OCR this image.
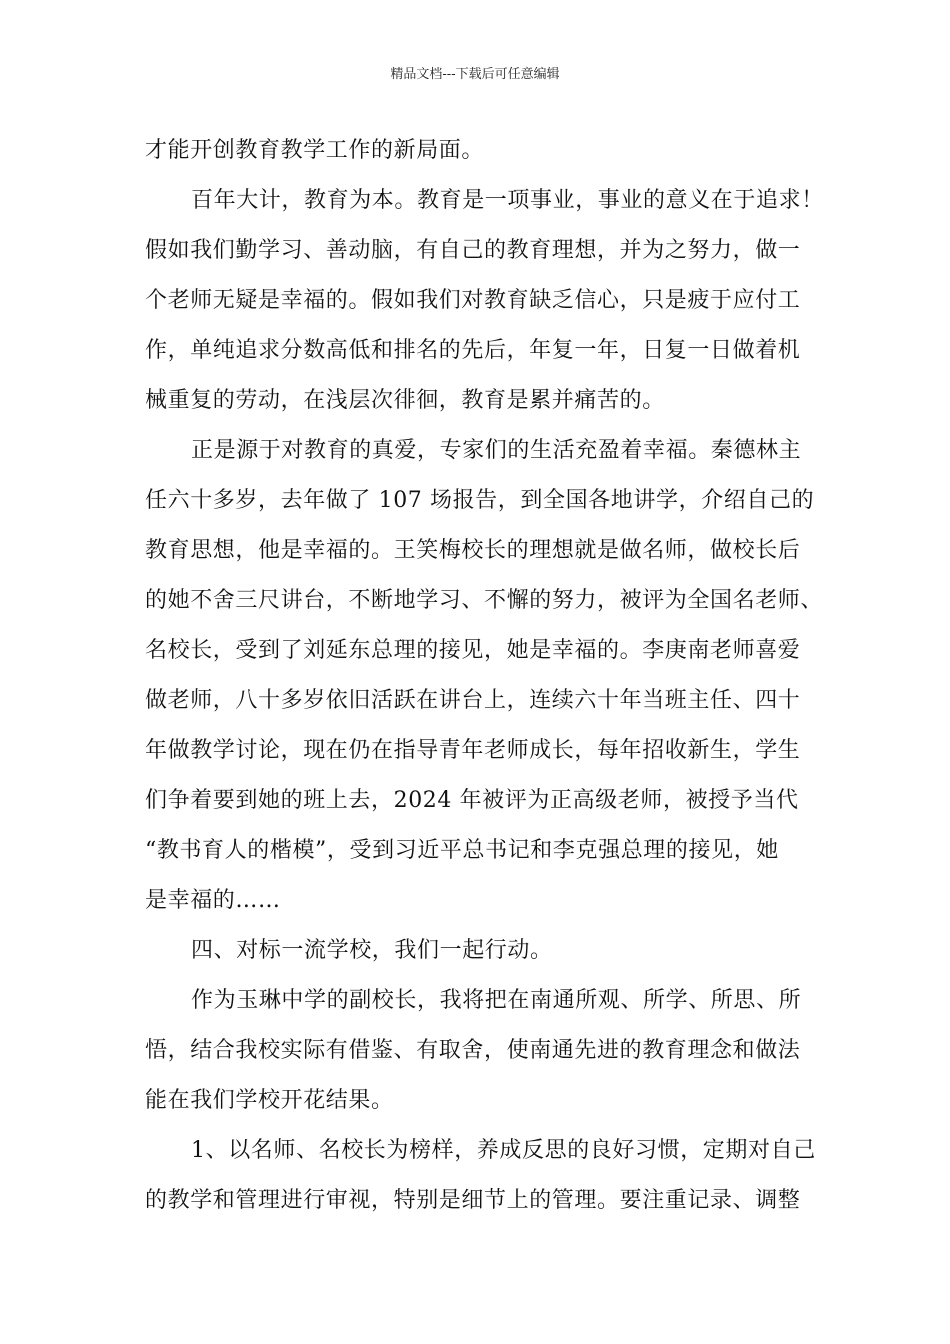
精品文档---下载后可任意编辑
才能开创教育教学工作的新局面。
百年大计，教育为本。教育是一项事业，事业的意义在于追求！
假如我们勤学习、善动脑，有自己的教育理想，并为之努力，做一
个老师无疑是幸福的。假如我们对教育缺乏信心，只是疲于应付工
作，单纯追求分数高低和排名的先后，年复一年，日复一日做着机
械重复的劳动，在浅层次徘徊，教育是累并痛苦的。
正是源于对教育的真爱，专家们的生活充盈着幸福。秦德林主
任六十多岁，去年做了 107 场报告，到全国各地讲学，介绍自己的
教育思想，他是幸福的。王笑梅校长的理想就是做名师，做校长后
的她不舍三尺讲台，不断地学习、不懈的努力，被评为全国名老师、
名校长，受到了刘延东总理的接见，她是幸福的。李庚南老师喜爱
做老师，八十多岁依旧活跃在讲台上，连续六十年当班主任、四十
年做教学讨论，现在仍在指导青年老师成长，每年招收新生，学生
们争着要到她的班上去，2024 年被评为正高级老师，被授予当代
“教书育人的楷模”，受到习近平总书记和李克强总理的接见，她
是幸福的……
四、对标一流学校，我们一起行动。
作为玉琳中学的副校长，我将把在南通所观、所学、所思、所
悟，结合我校实际有借鉴、有取舍，使南通先进的教育理念和做法
能在我们学校开花结果。
1、以名师、名校长为榜样，养成反思的良好习惯，定期对自己
的教学和管理进行审视，特别是细节上的管理。要注重记录、调整
